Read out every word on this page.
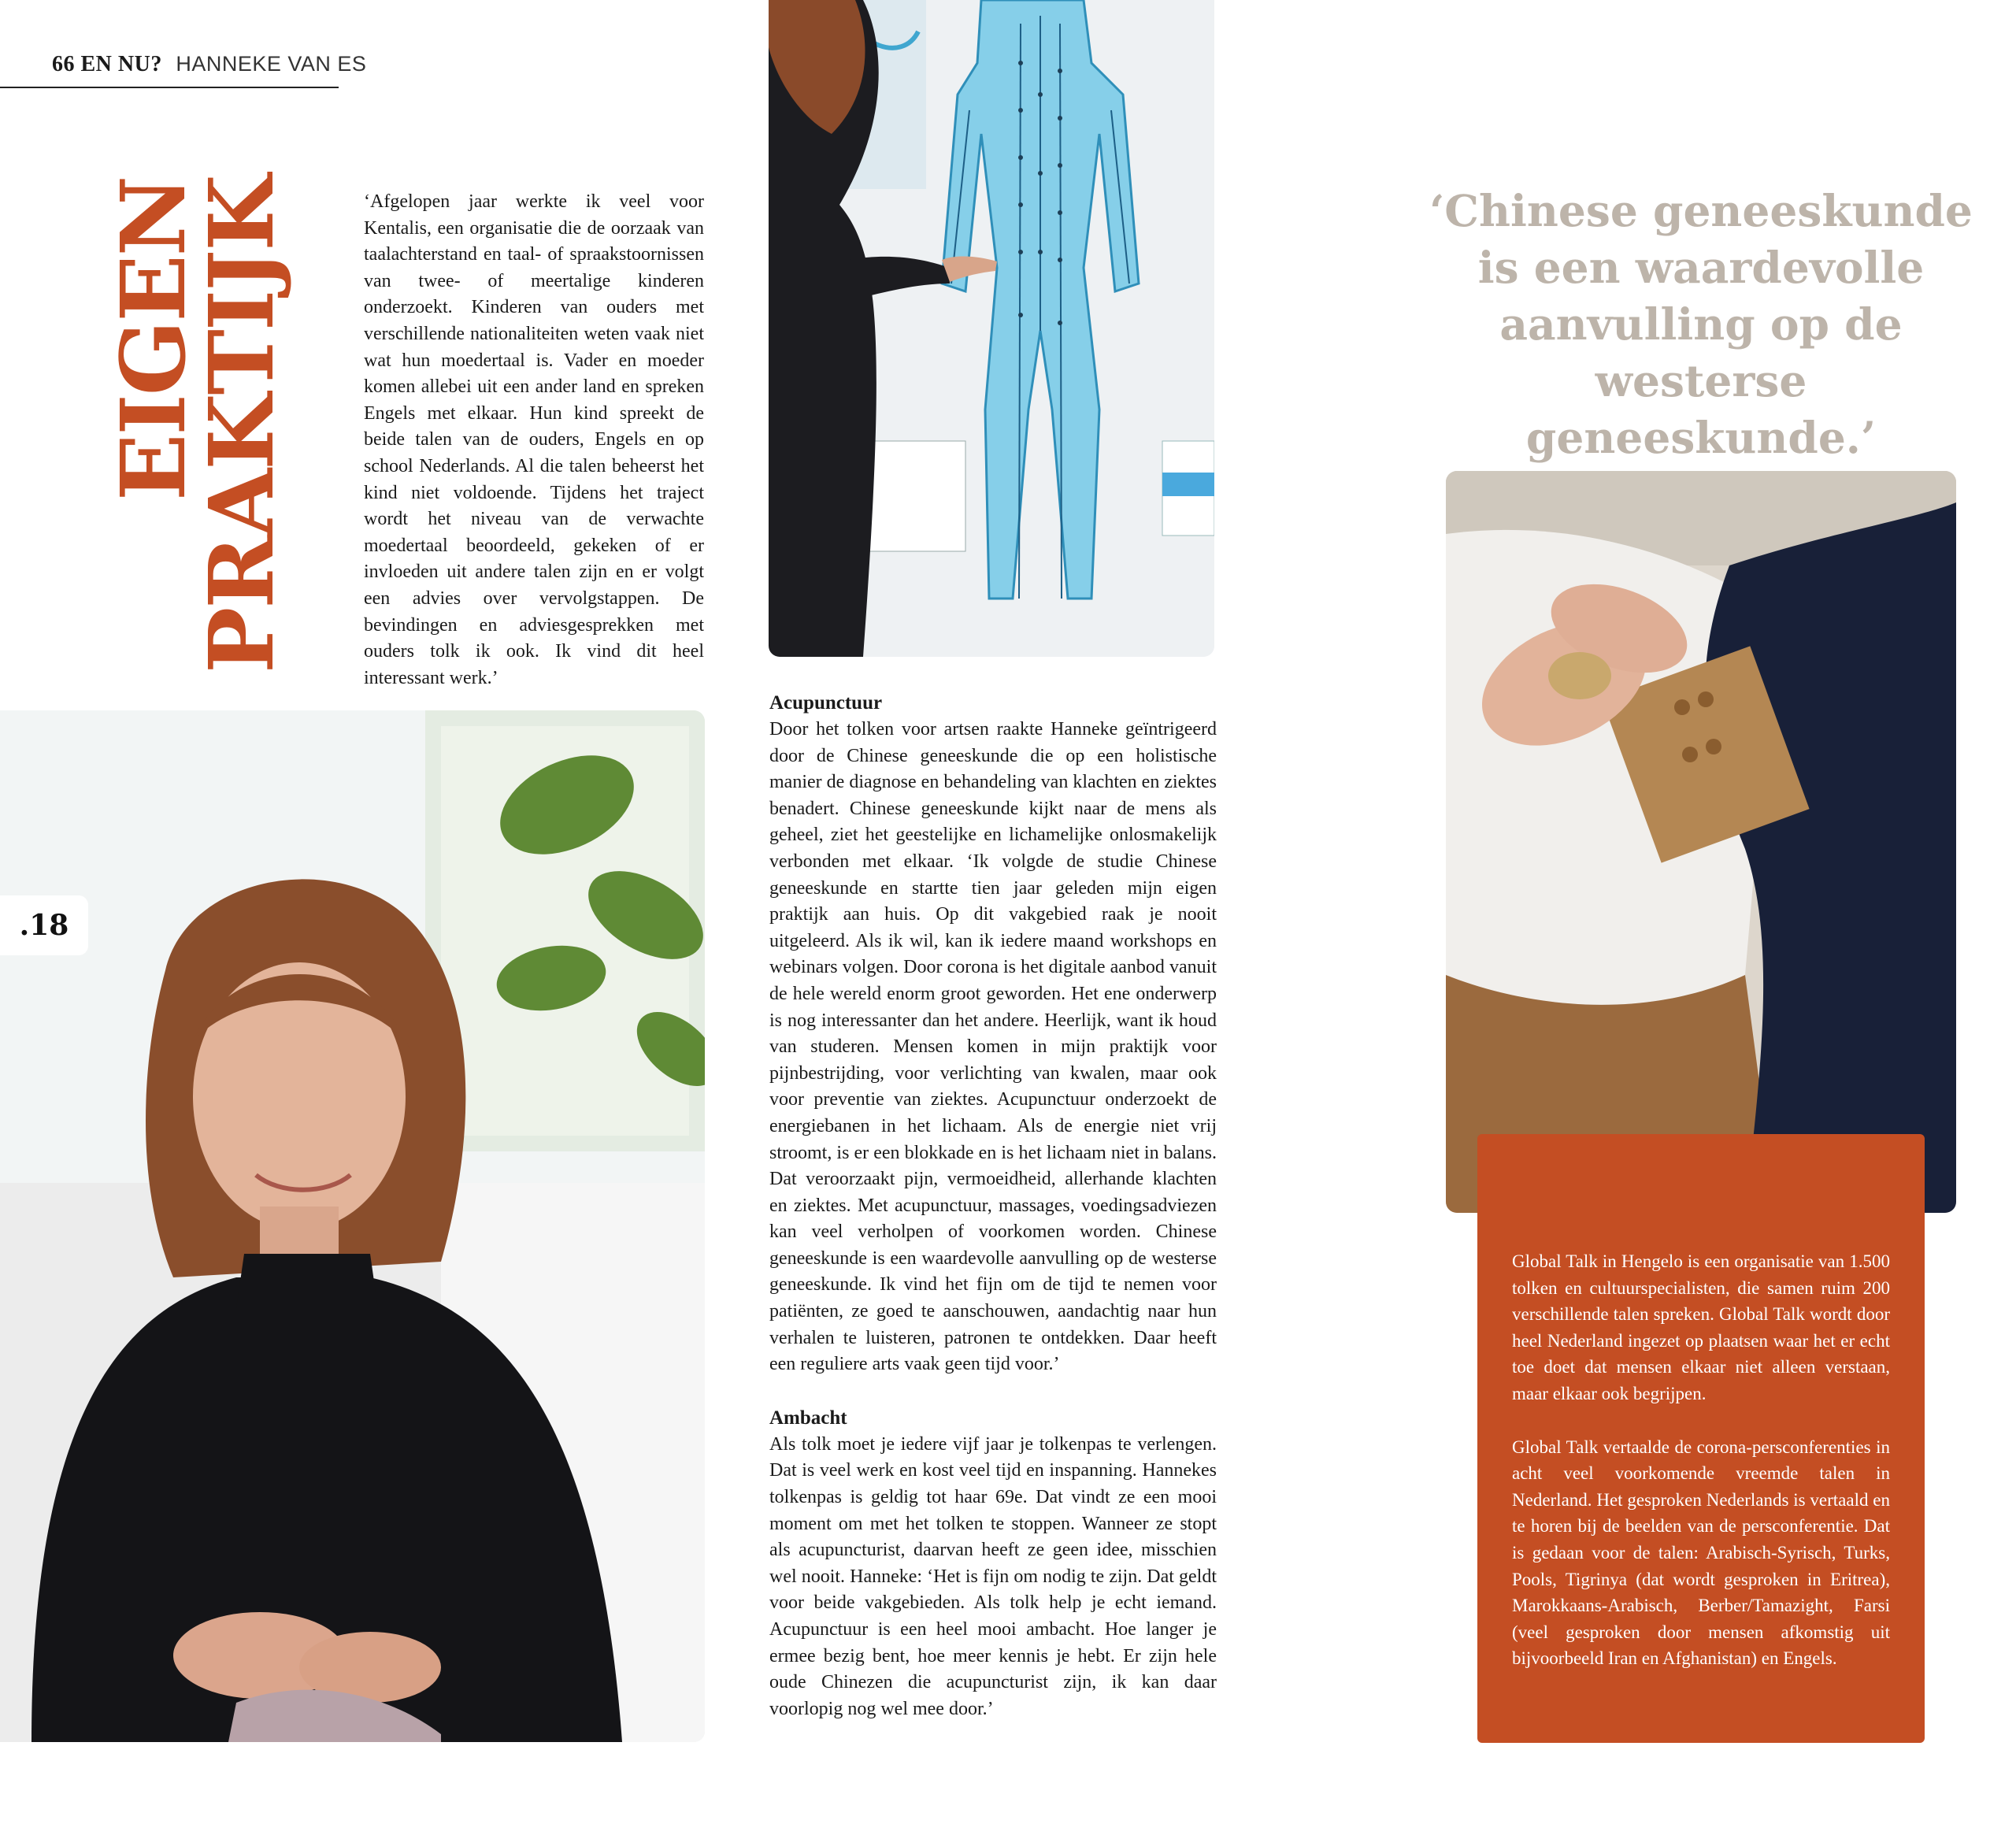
66 EN NU? HANNEKE VAN ES
EIGEN
PRAKTIJK	‘Afgelopen jaar werkte ik veel voor Kentalis, een organisatie die de oorzaak van taalachterstand en taal- of spraakstoornissen van twee- of meertalige kinderen onderzoekt. Kinderen van ouders met verschillende nationaliteiten weten vaak niet wat hun moedertaal is. Vader en moeder komen allebei uit een ander land en spreken Engels met elkaar. Hun kind spreekt de beide talen van de ouders, Engels en op school Nederlands. Al die talen beheerst het kind niet voldoende. Tijdens het traject wordt het niveau van de verwachte moedertaal beoordeeld, gekeken of er invloeden uit andere talen zijn en er volgt een advies over vervolgstappen. De bevindingen en adviesgesprekken met ouders tolk ik ook. Ik vind dit heel interessant werk.’
Acupunctuur

Door het tolken voor artsen raakte Hanneke geïntrigeerd door de Chinese geneeskunde die op een holistische manier de diagnose en behandeling van klachten en ziektes benadert. Chinese geneeskunde kijkt naar de mens als geheel, ziet het geestelijke en lichamelijke onlosmakelijk verbonden met elkaar. ‘Ik volgde de studie Chinese geneeskunde en startte tien jaar geleden mijn eigen praktijk aan huis. Op dit vakgebied raak je nooit uitgeleerd. Als ik wil, kan ik iedere maand workshops en webinars volgen. Door corona is het digitale aanbod vanuit de hele wereld enorm groot geworden. Het ene onderwerp is nog interessanter dan het andere. Heerlijk, want ik houd van studeren. Mensen komen in mijn praktijk voor pijnbestrijding, voor verlichting van kwalen, maar ook voor preventie van ziektes. Acupunctuur onderzoekt de energiebanen in het lichaam. Als de energie niet vrij stroomt, is er een blokkade en is het lichaam niet in balans. Dat veroorzaakt pijn, vermoeidheid, allerhande klachten en ziektes. Met acupunctuur, massages, voedingsadviezen kan veel verholpen of voorkomen worden. Chinese geneeskunde is een waardevolle aanvulling op de westerse geneeskunde. Ik vind het fijn om de tijd te nemen voor patiënten, ze goed te aanschouwen, aandachtig naar hun verhalen te luisteren, patronen te ontdekken. Daar heeft een reguliere arts vaak geen tijd voor.’

Ambacht

Als tolk moet je iedere vijf jaar je tolkenpas te verlengen. Dat is veel werk en kost veel tijd en inspanning. Hannekes tolkenpas is geldig tot haar 69e. Dat vindt ze een mooi moment om met het tolken te stoppen. Wanneer ze stopt als acupuncturist, daarvan heeft ze geen idee, misschien wel nooit. Hanneke: ‘Het is fijn om nodig te zijn. Dat geldt voor beide vakgebieden. Als tolk help je echt iemand. Acupunctuur is een heel mooi ambacht. Hoe langer je ermee bezig bent, hoe meer kennis je hebt. Er zijn hele oude Chinezen die acupuncturist zijn, ik kan daar voorlopig nog wel mee door.’

.18
‘Chinese geneeskunde
is een waardevolle
aanvulling op de
westerse geneeskunde.’

Global Talk in Hengelo is een organisatie van 1.500 tolken en cultuurspecialisten, die samen ruim 200 verschillende talen spreken. Global Talk wordt door heel Nederland ingezet op plaatsen waar het er echt toe doet dat mensen elkaar niet alleen verstaan, maar elkaar ook begrijpen.

Global Talk vertaalde de corona-persconferenties in acht veel voorkomende vreemde talen in Nederland. Het gesproken Nederlands is vertaald en te horen bij de beelden van de persconferentie. Dat is gedaan voor de talen: Arabisch-Syrisch, Turks, Pools, Tigrinya (dat wordt gesproken in Eritrea), Marokkaans-Arabisch, Berber/Tamazight, Farsi (veel gesproken door mensen afkomstig uit bijvoorbeeld Iran en Afghanistan) en Engels.
